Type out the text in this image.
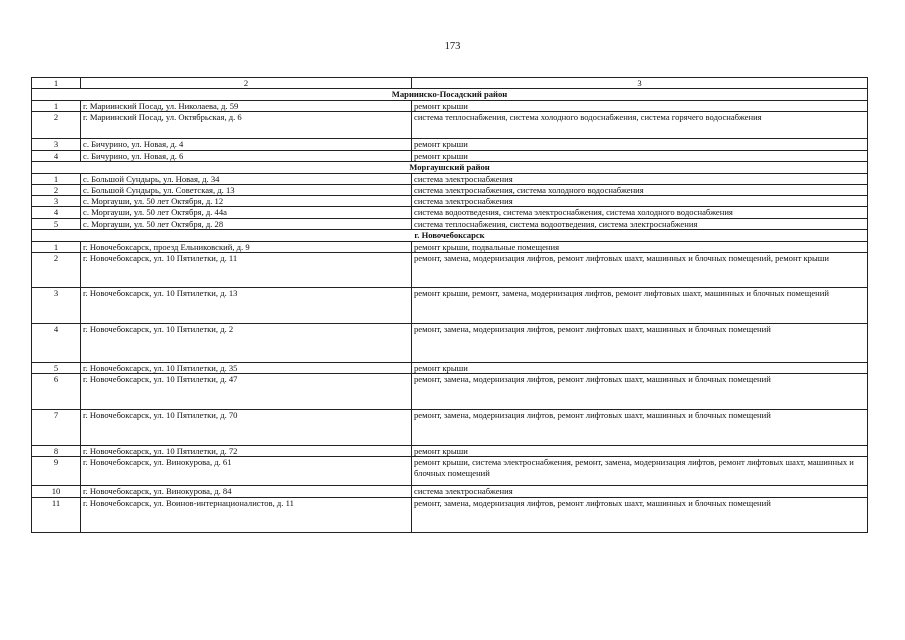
173
1	2	3
Мариинско-Посадский район		
1	г. Мариинский Посад, ул. Николаева, д. 59	ремонт крыши
2	г. Мариинский Посад, ул. Октябрьская, д. 6	система теплоснабжения, система холодного водоснабжения, система горячего водоснабжения
3	с. Бичурино, ул. Новая, д. 4	ремонт крыши
4	с. Бичурино, ул. Новая, д. 6	ремонт крыши
Моргаушский район		
1	с. Большой Сундырь, ул. Новая, д. 34	система электроснабжения
2	с. Большой Сундырь, ул. Советская, д. 13	система электроснабжения, система холодного водоснабжения
3	с. Моргауши, ул. 50 лет Октября, д. 12	система электроснабжения
4	с. Моргауши, ул. 50 лет Октября, д. 44а	система водоотведения, система электроснабжения, система холодного водоснабжения
5	с. Моргауши, ул. 50 лет Октября, д. 28	система теплоснабжения, система водоотведения, система электроснабжения
г. Новочебоксарск		
1	г. Новочебоксарск, проезд Ельниковский, д. 9	ремонт крыши, подвальные помещения
2	г. Новочебоксарск, ул. 10 Пятилетки, д. 11	ремонт, замена, модернизация лифтов, ремонт лифтовых шахт, машинных и блочных помещений, ремонт крыши
3	г. Новочебоксарск, ул. 10 Пятилетки, д. 13	ремонт крыши, ремонт, замена, модернизация лифтов, ремонт лифтовых шахт, машинных и блочных помещений
4	г. Новочебоксарск, ул. 10 Пятилетки, д. 2	ремонт, замена, модернизация лифтов, ремонт лифтовых шахт, машинных и блочных помещений
5	г. Новочебоксарск, ул. 10 Пятилетки, д. 35	ремонт крыши
6	г. Новочебоксарск, ул. 10 Пятилетки, д. 47	ремонт, замена, модернизация лифтов, ремонт лифтовых шахт, машинных и блочных помещений
7	г. Новочебоксарск, ул. 10 Пятилетки, д. 70	ремонт, замена, модернизация лифтов, ремонт лифтовых шахт, машинных и блочных помещений
8	г. Новочебоксарск, ул. 10 Пятилетки, д. 72	ремонт крыши
9	г. Новочебоксарск, ул. Винокурова, д. 61	ремонт крыши, система электроснабжения, ремонт, замена, модернизация лифтов, ремонт лифтовых шахт, машинных и блочных помещений
10	г. Новочебоксарск, ул. Винокурова, д. 84	система электроснабжения
11	г. Новочебоксарск, ул. Воинов-интернационалистов, д. 11	ремонт, замена, модернизация лифтов, ремонт лифтовых шахт, машинных и блочных помещений
